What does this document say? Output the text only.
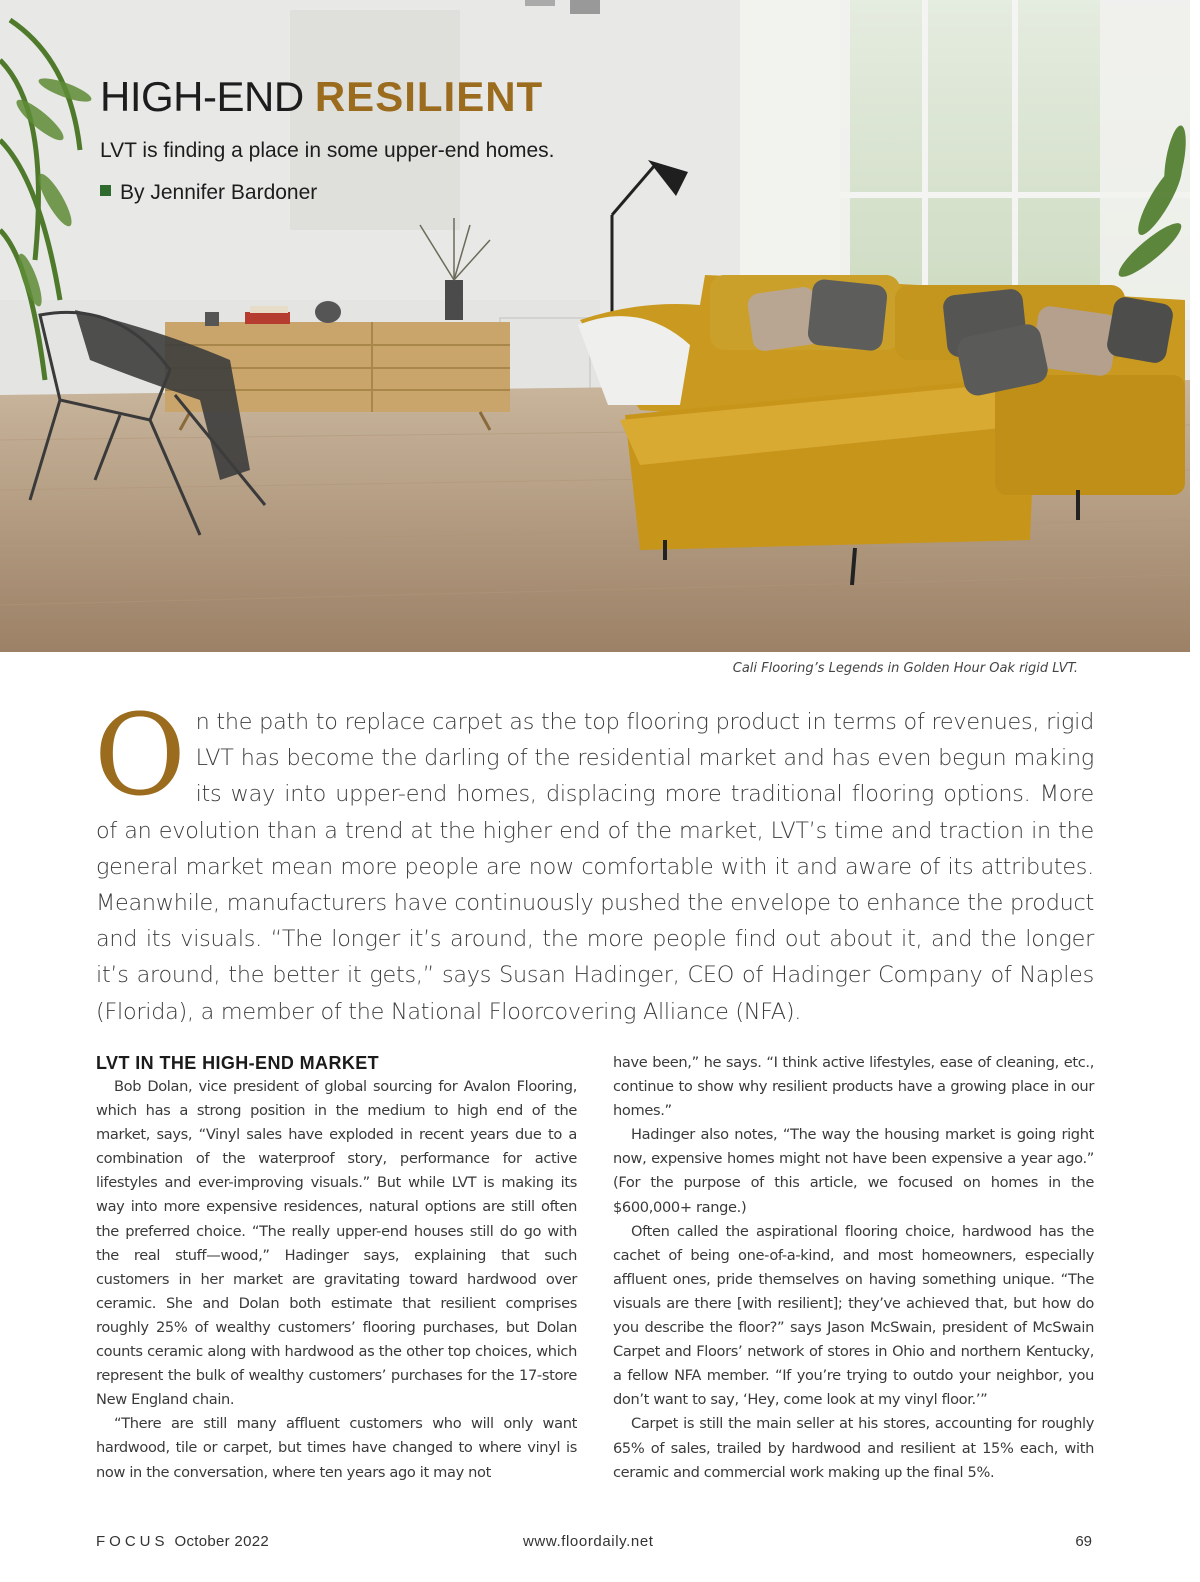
HIGH-END RESILIENT
LVT is finding a place in some upper-end homes.
By Jennifer Bardoner
Cali Flooring’s Legends in Golden Hour Oak rigid LVT.

On the path to replace carpet as the top flooring product in terms of revenues, rigid LVT has become the darling of the residential market and has even begun making its way into upper-end homes, displacing more traditional flooring options. More of an evolution than a trend at the higher end of the market, LVT’s time and traction in the general market mean more people are now comfortable with it and aware of its attributes. Meanwhile, manufacturers have continuously pushed the envelope to enhance the product and its visuals. “The longer it’s around, the more people find out about it, and the longer it’s around, the better it gets,” says Susan Hadinger, CEO of Hadinger Company of Naples (Florida), a member of the National Floorcovering Alliance (NFA).

LVT IN THE HIGH-END MARKET

Bob Dolan, vice president of global sourcing for Avalon Flooring, which has a strong position in the medium to high end of the market, says, “Vinyl sales have exploded in recent years due to a combination of the waterproof story, performance for active lifestyles and ever-improving visuals.” But while LVT is making its way into more expensive residences, natural options are still often the preferred choice. “The really upper-end houses still do go with the real stuff—wood,” Hadinger says, explaining that such customers in her market are gravitating toward hardwood over ceramic. She and Dolan both estimate that resilient comprises roughly 25% of wealthy customers’ flooring purchases, but Dolan counts ceramic along with hardwood as the other top choices, which represent the bulk of wealthy customers’ purchases for the 17-store New England chain.

“There are still many affluent customers who will only want hardwood, tile or carpet, but times have changed to where vinyl is now in the conversation, where ten years ago it may not

have been,” he says. “I think active lifestyles, ease of cleaning, etc., continue to show why resilient products have a growing place in our homes.”

Hadinger also notes, “The way the housing market is going right now, expensive homes might not have been expensive a year ago.” (For the purpose of this article, we focused on homes in the $600,000+ range.)

Often called the aspirational flooring choice, hardwood has the cachet of being one-of-a-kind, and most homeowners, especially affluent ones, pride themselves on having something unique. “The visuals are there [with resilient]; they’ve achieved that, but how do you describe the floor?” says Jason McSwain, president of McSwain Carpet and Floors’ network of stores in Ohio and northern Kentucky, a fellow NFA member. “If you’re trying to outdo your neighbor, you don’t want to say, ‘Hey, come look at my vinyl floor.’”

Carpet is still the main seller at his stores, accounting for roughly 65% of sales, trailed by hardwood and resilient at 15% each, with ceramic and commercial work making up the final 5%.

FOCUS October 2022	www.floordaily.net	69
